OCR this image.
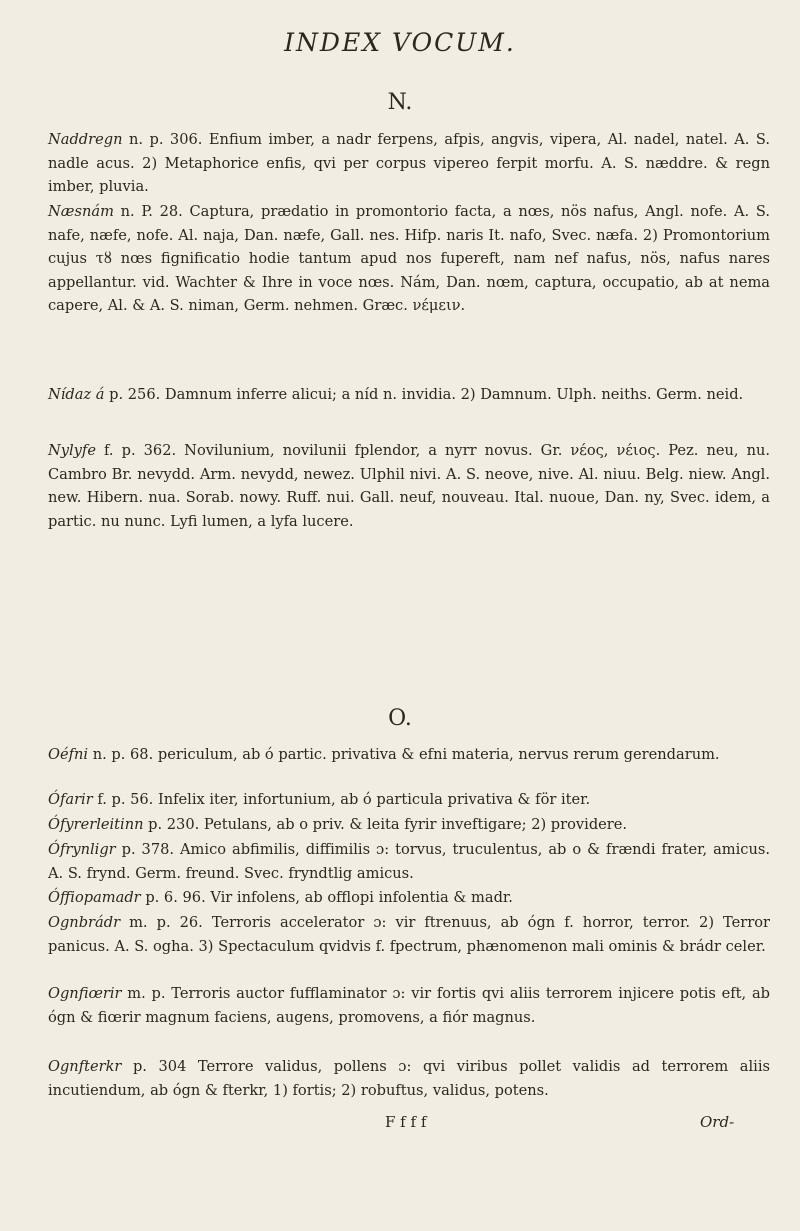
INDEX VOCUM.
N.

Naddregn n. p. 306. Enfium imber, a nadr ferpens, afpis, angvis, vipera, Al. nadel, natel. A. S. nadle acus. 2) Metaphorice enfis, qvi per corpus vipereo ferpit morfu. A. S. næddre. & regn imber, pluvia.

Næsnám n. P. 28. Captura, prædatio in promontorio facta, a nœs, nös nafus, Angl. nofe. A. S. nafe, næfe, nofe. Al. naja, Dan. næfe, Gall. nes. Hifp. naris It. nafo, Svec. næfa. 2) Promontorium cujus τȣ nœs fignificatio hodie tantum apud nos fupereft, nam nef nafus, nös, nafus nares appellantur. vid. Wachter & Ihre in voce nœs. Nám, Dan. nœm, captura, occupatio, ab at nema capere, Al. & A. S. niman, Germ. nehmen. Græc. νέμειν.

Nídaz á p. 256. Damnum inferre alicui; a níd n. invidia. 2) Damnum. Ulph. neiths. Germ. neid.

Nylyfe f. p. 362. Novilunium, novilunii fplendor, a nyrr novus. Gr. νέος, νέιος. Pez. neu, nu. Cambro Br. nevydd. Arm. nevydd, newez. Ulphil nivi. A. S. neove, nive. Al. niuu. Belg. niew. Angl. new. Hibern. nua. Sorab. nowy. Ruff. nui. Gall. neuf, nouveau. Ital. nuoue, Dan. ny, Svec. idem, a partic. nu nunc. Lyfi lumen, a lyfa lucere.

O.

Oéfni n. p. 68. periculum, ab ó partic. privativa & efni materia, nervus rerum gerendarum.

Ófarir f. p. 56. Infelix iter, infortunium, ab ó particula privativa & för iter.

Ófyrerleitinn p. 230. Petulans, ab o priv. & leita fyrir inveftigare; 2) providere.

Ófrynligr p. 378. Amico abfimilis, diffimilis ɔ: torvus, truculentus, ab o & frændi frater, amicus. A. S. frynd. Germ. freund. Svec. fryndtlig amicus.

Óffiopamadr p. 6. 96. Vir infolens, ab offlopi infolentia & madr.

Ognbrádr m. p. 26. Terroris accelerator ɔ: vir ftrenuus, ab ógn f. horror, terror. 2) Terror panicus. A. S. ogha. 3) Spectaculum qvidvis f. fpectrum, phænomenon mali ominis & brádr celer.

Ognfiœrir m. p. Terroris auctor fufflaminator ɔ: vir fortis qvi aliis terrorem injicere potis eft, ab ógn & fiœrir magnum faciens, augens, promovens, a fiór magnus.

Ognfterkr p. 304 Terrore validus, pollens ɔ: qvi viribus pollet validis ad terrorem aliis incutiendum, ab ógn & fterkr, 1) fortis; 2) robuftus, validus, potens.

F f f f	Ord-
